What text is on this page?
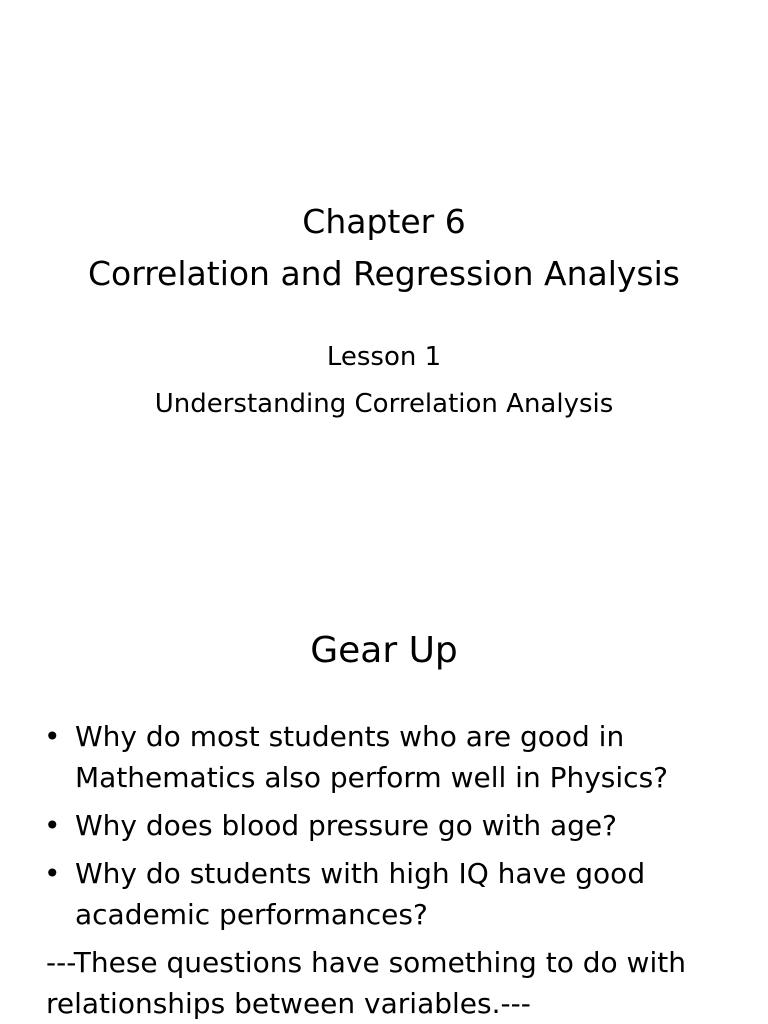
Chapter 6
Correlation and Regression Analysis
Lesson 1
Understanding Correlation Analysis
Gear Up
• Why do most students who are good in
Mathematics also perform well in Physics?
• Why does blood pressure go with age?
• Why do students with high IQ have good
academic performances?
---These questions have something to do with
relationships between variables.---
